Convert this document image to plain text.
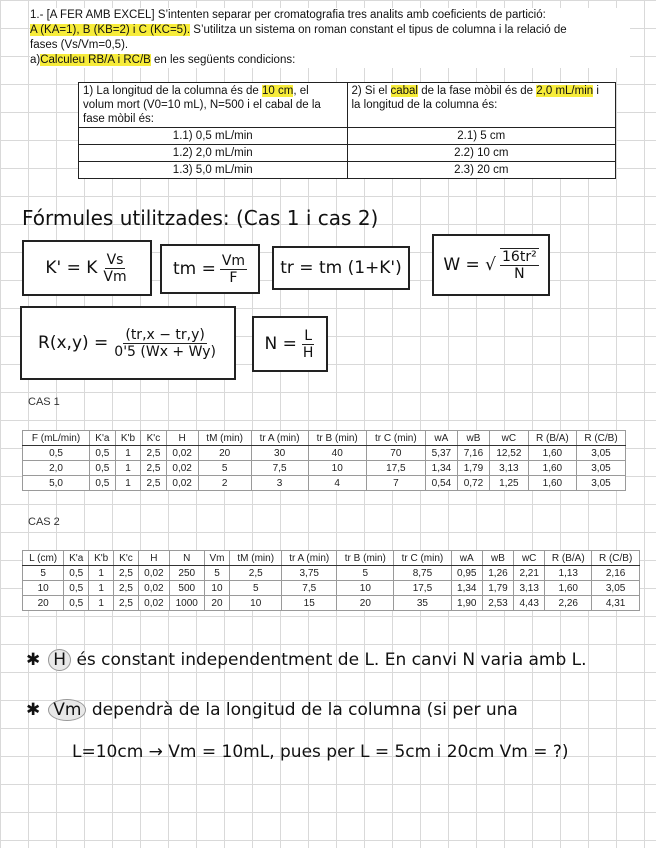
1.- [A FER AMB EXCEL] S’intenten separar per cromatografia tres analits amb coeficients de partició:
A (KA=1), B (KB=2) i C (KC=5). S’utilitza un sistema on roman constant el tipus de columna i la relació de
fases (Vs/Vm=0,5).
a)Calculeu RB/A i RC/B en les següents condicions:
1) La longitud de la columna és de 10 cm, el volum mort (V0=10 mL), N=500 i el cabal de la fase mòbil és:	2) Si el cabal de la fase mòbil és de 2,0 mL/min i la longitud de la columna és:
1.1) 0,5 mL/min	2.1) 5 cm
1.2) 2,0 mL/min	2.2) 10 cm
1.3) 5,0 mL/min	2.3) 20 cm
Fórmules utilitzades: (Cas 1 i cas 2)
K' = K $\frac{Vs}{Vm}$	tm = $\frac{Vm}{F}$ tr = tm (1+K') W = √ $\frac{\text{16tr²}}{N}$
$R(x,y) = \frac{(tr,x - tr,y)}{0'5 (Wx + Wy)}$	$N = \frac{L}{H}$
CAS 1
F (mL/min)	K'a	K'b	K'c	H	tM (min)	tr A (min)	tr B (min)	tr C (min)	wA	wB	wC	R (B/A)	R (C/B)
0,5	0,5	1	2,5	0,02	20	30	40	70	5,37	7,16	12,52	1,60	3,05
2,0	0,5	1	2,5	0,02	5	7,5	10	17,5	1,34	1,79	3,13	1,60	3,05
5,0	0,5	1	2,5	0,02	2	3	4	7	0,54	0,72	1,25	1,60	3,05
CAS 2
L (cm)	K'a	K'b	K'c	H	N	Vm	tM (min)	tr A (min)	tr B (min)	tr C (min)	wA	wB	wC	R (B/A)	R (C/B)
5	0,5	1	2,5	0,02	250	5	2,5	3,75	5	8,75	0,95	1,26	2,21	1,13	2,16
10	0,5	1	2,5	0,02	500	10	5	7,5	10	17,5	1,34	1,79	3,13	1,60	3,05
20	0,5	1	2,5	0,02	1000	20	10	15	20	35	1,90	2,53	4,43	2,26	4,31
✱ H és constant independentment de L. En canvi N varia amb L.
✱ Vm dependrà de la longitud de la columna (si per una
L=10cm → Vm = 10mL, pues per L = 5cm i 20cm Vm = ?)
